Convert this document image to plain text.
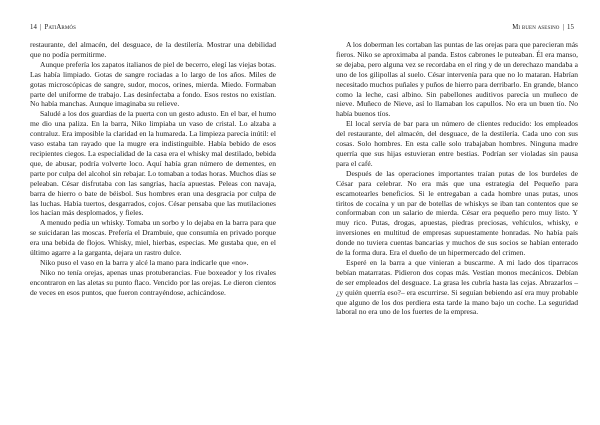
14 | PatiArmós

restaurante, del almacén, del desguace, de la destilería. Mostrar una debilidad que no podía permitirme.

Aunque prefería los zapatos italianos de piel de becerro, elegí las viejas botas. Las había limpiado. Gotas de sangre rociadas a lo largo de los años. Miles de gotas microscópicas de sangre, sudor, mocos, orines, mierda. Miedo. Formaban parte del uniforme de trabajo. Las desinfectaba a fondo. Esos restos no existían. No había manchas. Aunque imaginaba su relieve.

Saludé a los dos guardias de la puerta con un gesto adusto. En el bar, el humo me dio una paliza. En la barra, Niko limpiaba un vaso de cristal. Lo alzaba a contraluz. Era imposible la claridad en la humareda. La limpieza parecía inútil: el vaso estaba tan rayado que la mugre era indistinguible. Había bebido de esos recipientes ciegos. La especialidad de la casa era el whisky mal destilado, bebida que, de abusar, podría volverte loco. Aquí había gran número de dementes, en parte por culpa del alcohol sin rebajar. Lo tomaban a todas horas. Muchos días se peleaban. César disfrutaba con las sangrías, hacía apuestas. Peleas con navaja, barra de hierro o bate de béisbol. Sus hombres eran una desgracia por culpa de las luchas. Había tuertos, desgarrados, cojos. César pensaba que las mutilaciones los hacían más desplomados, y fieles.

A menudo pedía un whisky. Tomaba un sorbo y lo dejaba en la barra para que se suicidaran las moscas. Prefería el Drambuie, que consumía en privado porque era una bebida de flojos. Whisky, miel, hierbas, especias. Me gustaba que, en el último agarre a la garganta, dejara un rastro dulce.

Niko puso el vaso en la barra y alcé la mano para indicarle que «no».

Niko no tenía orejas, apenas unas protuberancias. Fue boxeador y los rivales encontraron en las aletas su punto flaco. Vencido por las orejas. Le dieron cientos de veces en esos puntos, que fueron contrayéndose, achicándose.

Mi buen asesino | 15

A los doberman les cortaban las puntas de las orejas para que parecieran más fieros. Niko se aproximaba al panda. Estos cabrones le puteaban. Él era manso, se dejaba, pero alguna vez se recordaba en el ring y de un derechazo mandaba a uno de los gilipollas al suelo. César intervenía para que no lo mataran. Habrían necesitado muchos puñales y puños de hierro para derribarlo. En grande, blanco como la leche, casi albino. Sin pabellones auditivos parecía un muñeco de nieve. Muñeco de Nieve, así lo llamaban los capullos. No era un buen tío. No había buenos tíos.

El local servía de bar para un número de clientes reducido: los empleados del restaurante, del almacén, del desguace, de la destilería. Cada uno con sus cosas. Solo hombres. En esta calle solo trabajaban hombres. Ninguna madre querría que sus hijas estuvieran entre bestias. Podrían ser violadas sin pausa para el café.

Después de las operaciones importantes traían putas de los burdeles de César para celebrar. No era más que una estrategia del Pequeño para escamotearles beneficios. Si le entregaban a cada hombre unas putas, unos tiritos de cocaína y un par de botellas de whiskys se iban tan contentos que se conformaban con un salario de mierda. César era pequeño pero muy listo. Y muy rico. Putas, drogas, apuestas, piedras preciosas, vehículos, whisky, e inversiones en multitud de empresas supuestamente honradas. No había país donde no tuviera cuentas bancarias y muchos de sus socios se habían enterado de la forma dura. Era el dueño de un hipermercado del crimen.

Esperé en la barra a que vinieran a buscarme. A mi lado dos tiparracos bebían matarratas. Pidieron dos copas más. Vestían monos mecánicos. Debían de ser empleados del desguace. La grasa les cubría hasta las cejas. Abrazarlos –¿y quién querría eso?– era escurrirse. Si seguían bebiendo así era muy probable que alguno de los dos perdiera esta tarde la mano bajo un coche. La seguridad laboral no era uno de los fuertes de la empresa.
